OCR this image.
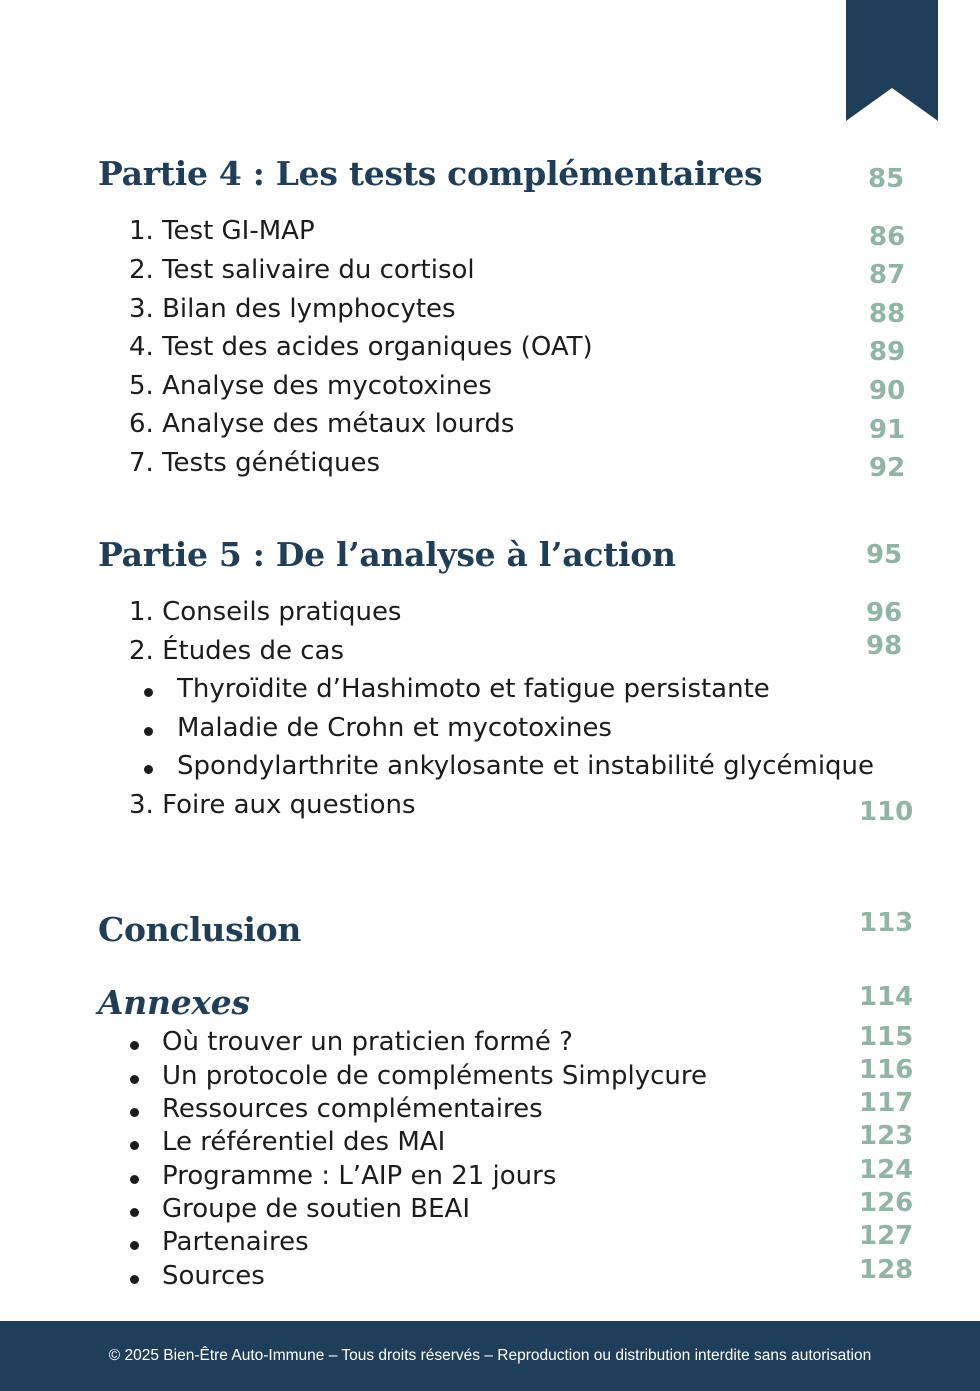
Partie 4 : Les tests complémentaires	85
1. Test GI-MAP	86
2. Test salivaire du cortisol	87
3. Bilan des lymphocytes	88
4. Test des acides organiques (OAT)	89
5. Analyse des mycotoxines	90
6. Analyse des métaux lourds	91
7. Tests génétiques	92
Partie 5 : De l’analyse à l’action	95
1. Conseils pratiques	96
2. Études de cas	98
Thyroïdite d’Hashimoto et fatigue persistante
Maladie de Crohn et mycotoxines
Spondylarthrite ankylosante et instabilité glycémique
3. Foire aux questions	110
Conclusion	113
Annexes	114
Où trouver un praticien formé ?	115
Un protocole de compléments Simplycure	116
Ressources complémentaires	117
Le référentiel des MAI	123
Programme : L’AIP en 21 jours	124
Groupe de soutien BEAI	126
Partenaires	127
Sources	128
© 2025 Bien-Être Auto-Immune – Tous droits réservés – Reproduction ou distribution interdite sans autorisation
